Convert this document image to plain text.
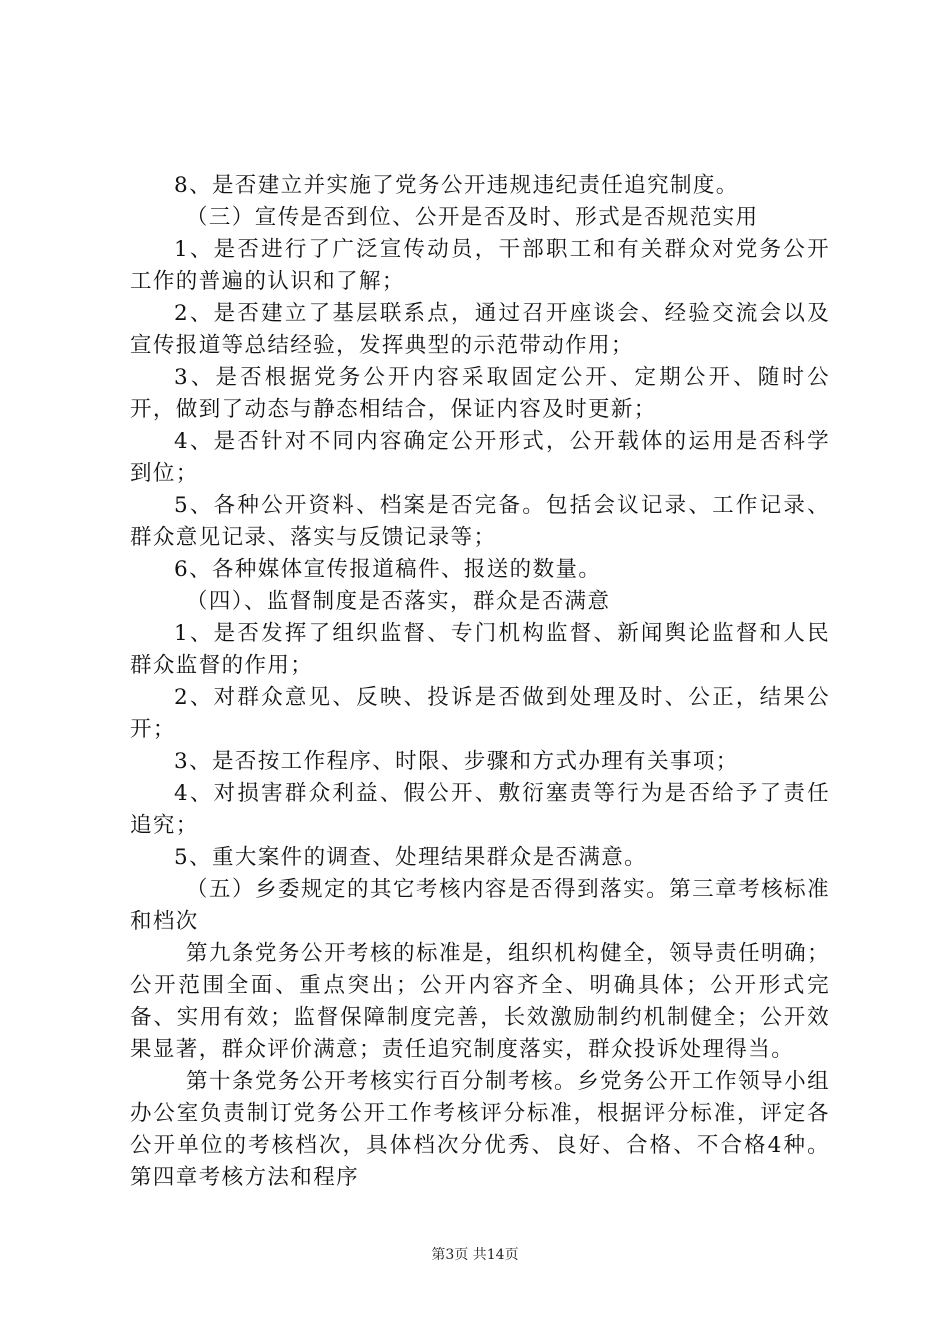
8、是否建立并实施了党务公开违规违纪责任追究制度。

（三）宣传是否到位、公开是否及时、形式是否规范实用

1、是否进行了广泛宣传动员，干部职工和有关群众对党务公开工作的普遍的认识和了解；

2、是否建立了基层联系点，通过召开座谈会、经验交流会以及宣传报道等总结经验，发挥典型的示范带动作用；

3、是否根据党务公开内容采取固定公开、定期公开、随时公开，做到了动态与静态相结合，保证内容及时更新；

4、是否针对不同内容确定公开形式，公开载体的运用是否科学到位；

5、各种公开资料、档案是否完备。包括会议记录、工作记录、群众意见记录、落实与反馈记录等；

6、各种媒体宣传报道稿件、报送的数量。

（四）、监督制度是否落实，群众是否满意

1、是否发挥了组织监督、专门机构监督、新闻舆论监督和人民群众监督的作用；

2、对群众意见、反映、投诉是否做到处理及时、公正，结果公开；

3、是否按工作程序、时限、步骤和方式办理有关事项；

4、对损害群众利益、假公开、敷衍塞责等行为是否给予了责任追究；

5、重大案件的调查、处理结果群众是否满意。

（五）乡委规定的其它考核内容是否得到落实。第三章考核标准和档次

第九条党务公开考核的标准是，组织机构健全，领导责任明确；公开范围全面、重点突出；公开内容齐全、明确具体；公开形式完备、实用有效；监督保障制度完善，长效激励制约机制健全；公开效果显著，群众评价满意；责任追究制度落实，群众投诉处理得当。

第十条党务公开考核实行百分制考核。乡党务公开工作领导小组办公室负责制订党务公开工作考核评分标准，根据评分标准，评定各公开单位的考核档次，具体档次分优秀、良好、合格、不合格4种。第四章考核方法和程序

第3页 共14页
